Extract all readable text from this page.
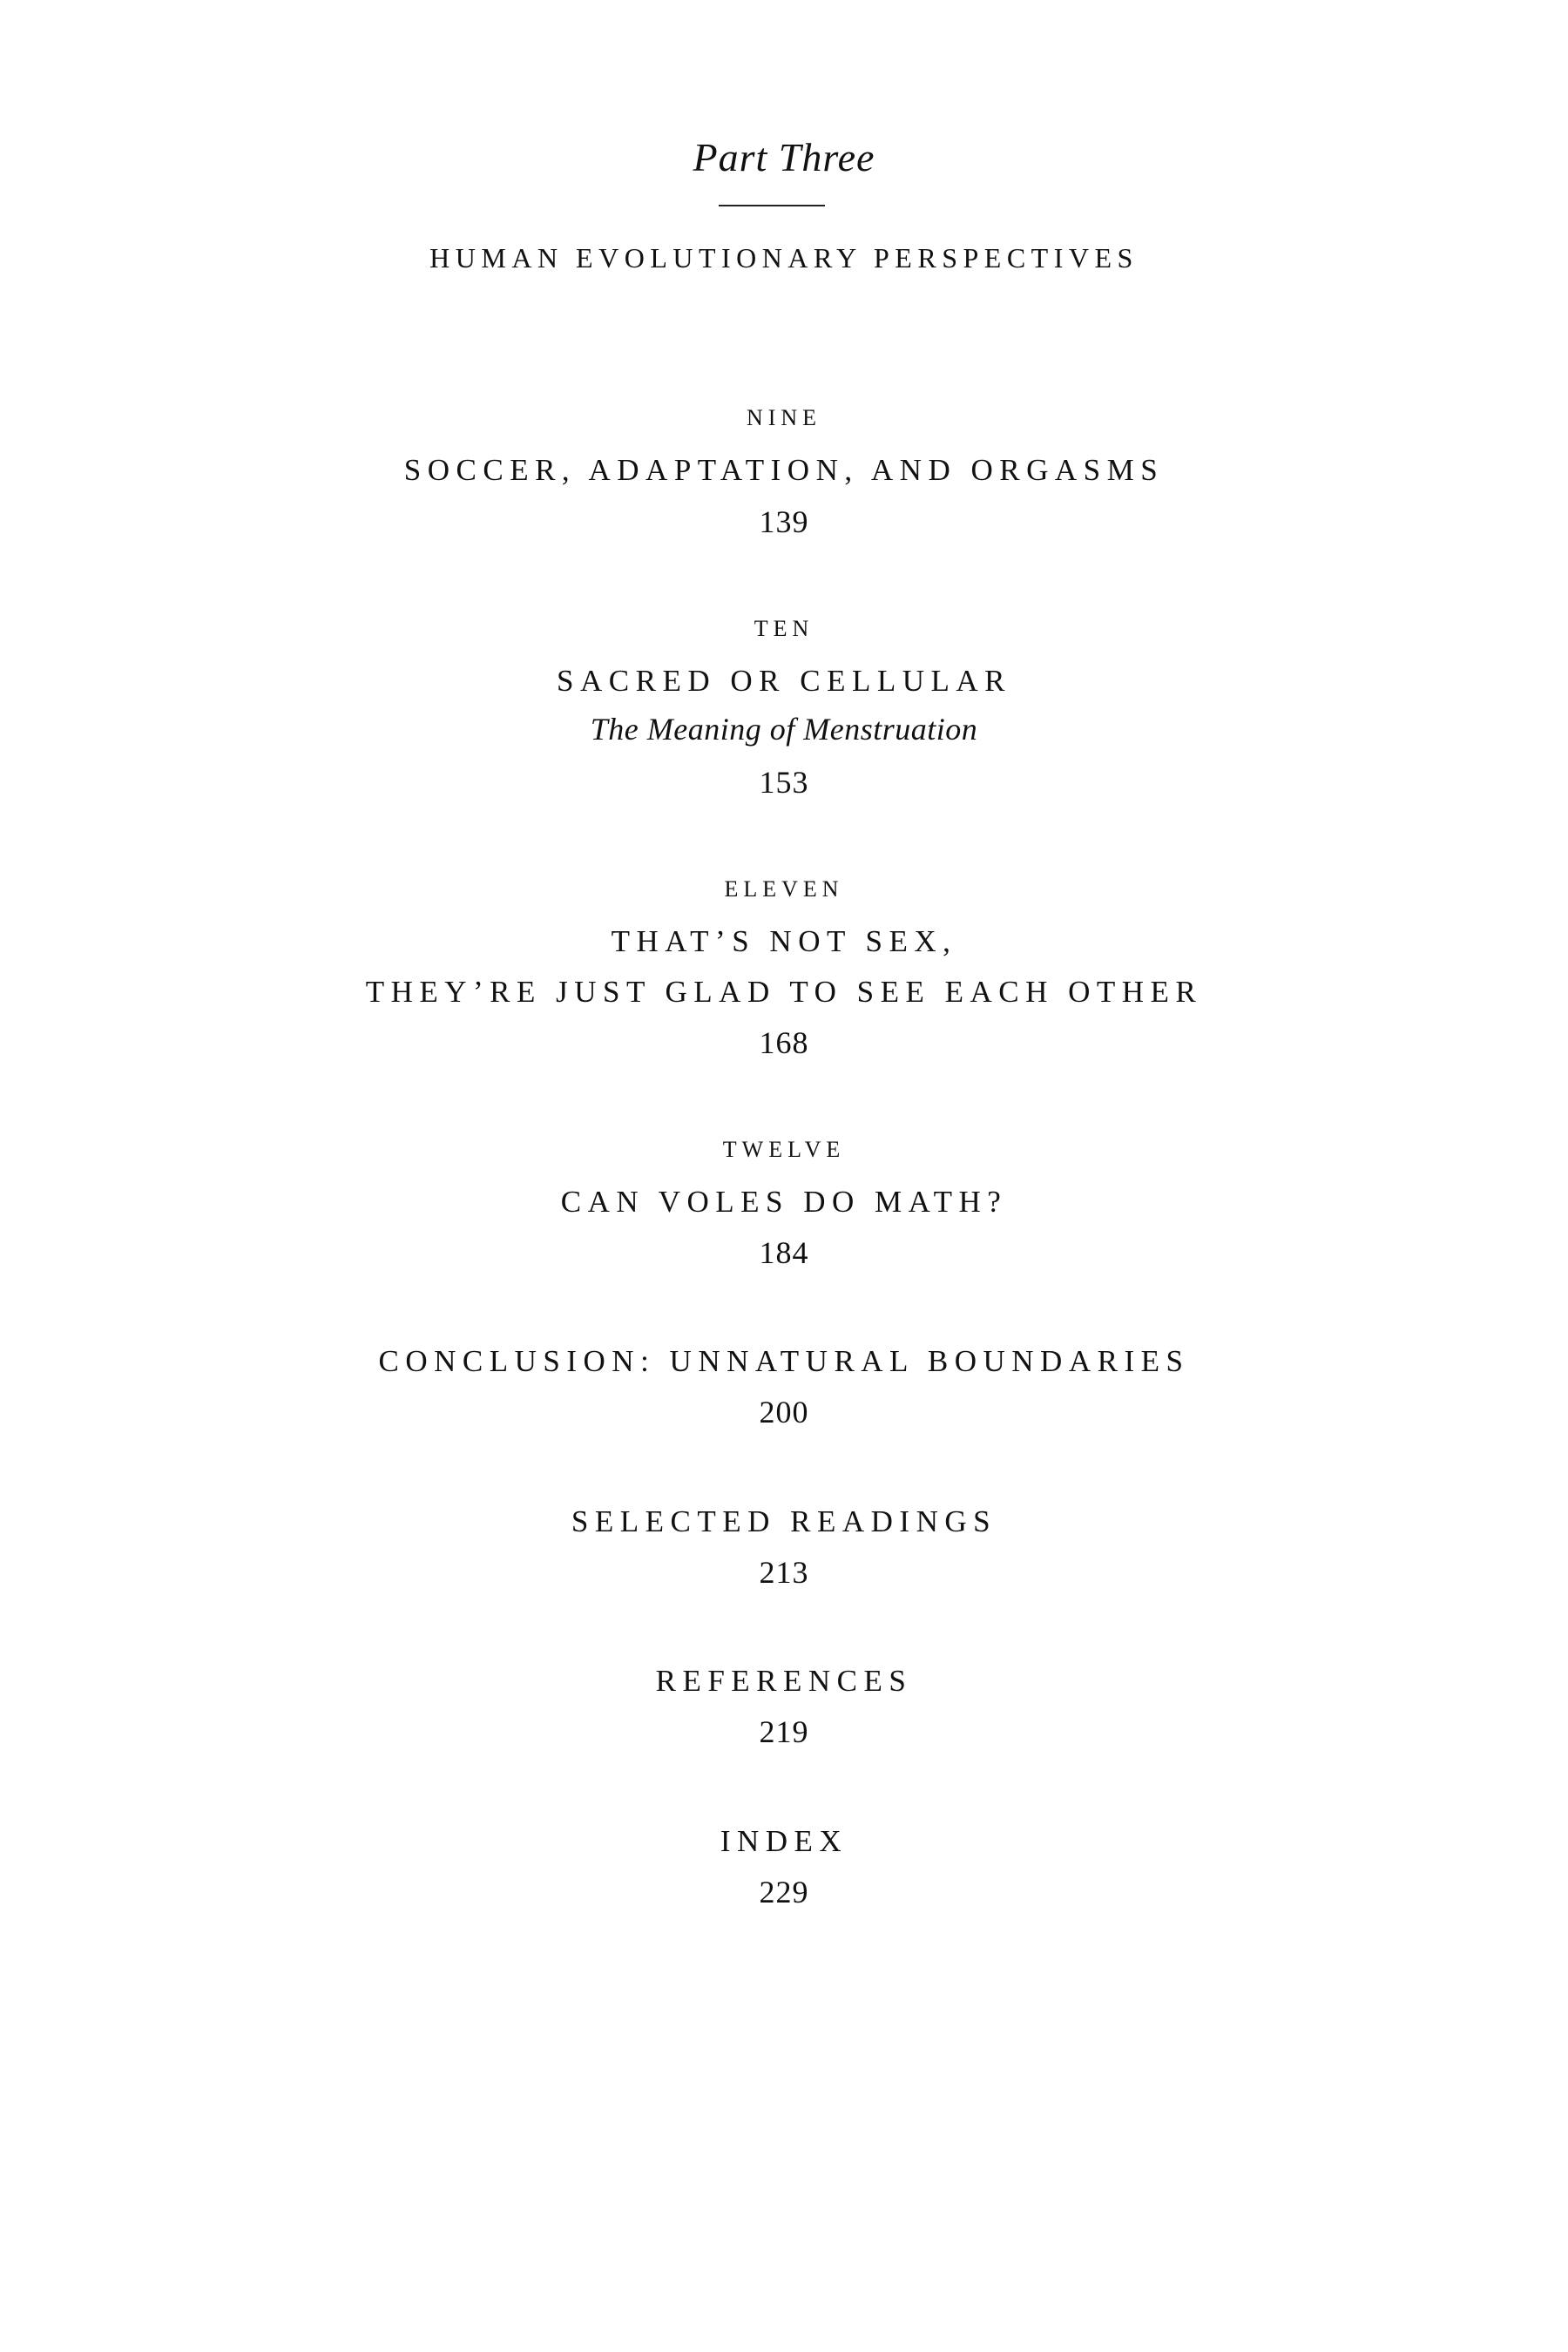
Part Three
HUMAN EVOLUTIONARY PERSPECTIVES
NINE
SOCCER, ADAPTATION, AND ORGASMS
139
TEN
SACRED OR CELLULAR
The Meaning of Menstruation
153
ELEVEN
THAT’S NOT SEX,
THEY’RE JUST GLAD TO SEE EACH OTHER
168
TWELVE
CAN VOLES DO MATH?
184
CONCLUSION: UNNATURAL BOUNDARIES
200
SELECTED READINGS
213
REFERENCES
219
INDEX
229
